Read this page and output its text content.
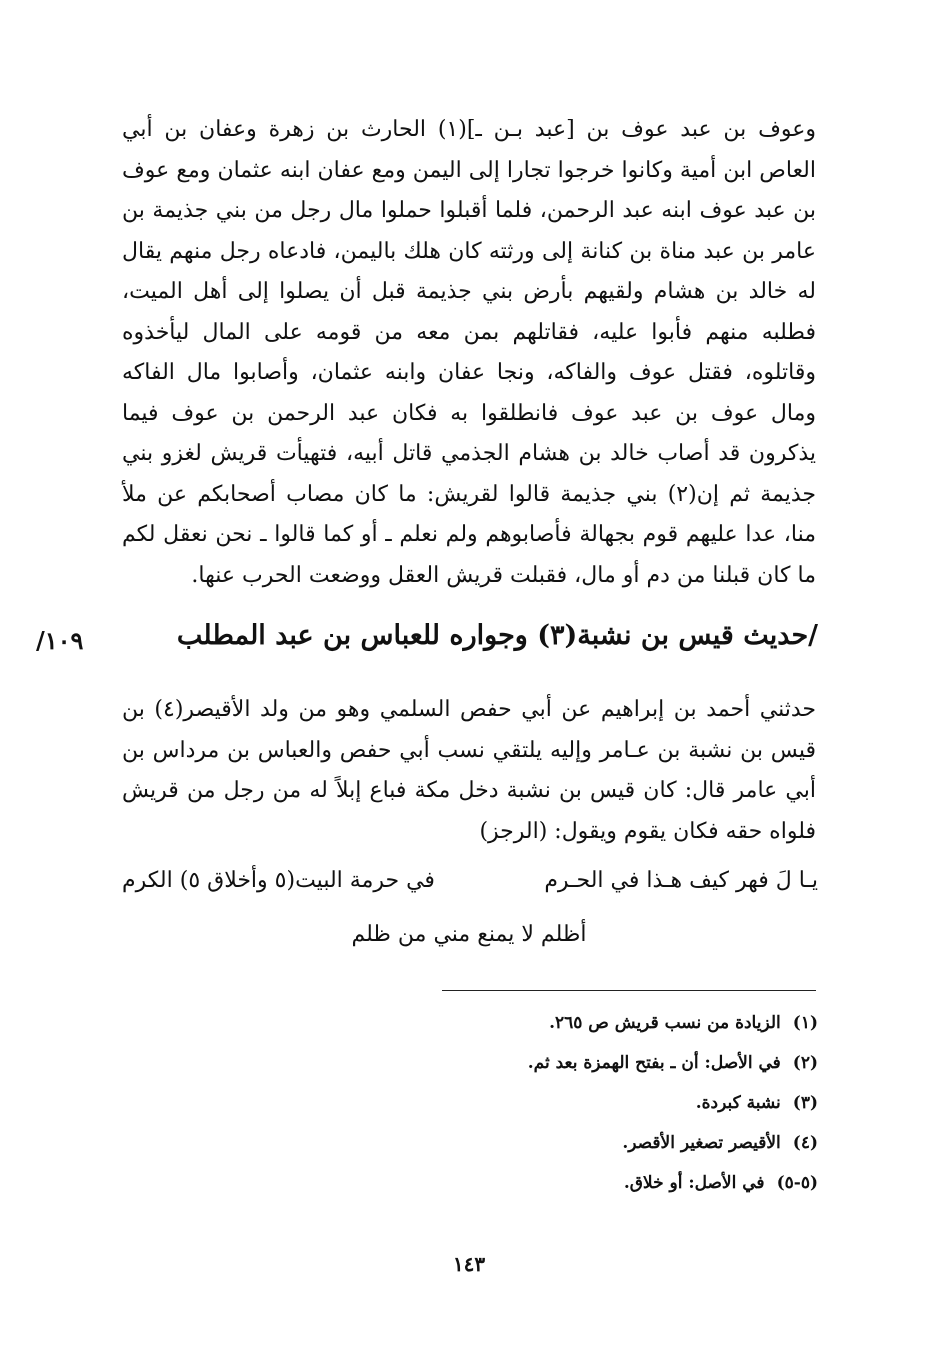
وعوف بن عبد عوف بن [عبد بـن ـ](١) الحارث بن زهرة وعفان بن أبي العاص ابن أمية وكانوا خرجوا تجارا إلى اليمن ومع عفان ابنه عثمان ومع عوف بن عبد عوف ابنه عبد الرحمن، فلما أقبلوا حملوا مال رجل من بني جذيمة بن عامر بن عبد مناة بن كنانة إلى ورثته كان هلك باليمن، فادعاه رجل منهم يقال له خالد بن هشام ولقيهم بأرض بني جذيمة قبل أن يصلوا إلى أهل الميت، فطلبه منهم فأبوا عليه، فقاتلهم بمن معه من قومه على المال ليأخذوه وقاتلوه، فقتل عوف والفاكه، ونجا عفان وابنه عثمان، وأصابوا مال الفاكه ومال عوف بن عبد عوف فانطلقوا به فكان عبد الرحمن بن عوف فيما يذكرون قد أصاب خالد بن هشام الجذمي قاتل أبيه، فتهيأت قريش لغزو بني جذيمة ثم إن(٢) بني جذيمة قالوا لقريش: ما كان مصاب أصحابكم عن ملأ منا، عدا عليهم قوم بجهالة فأصابوهم ولم نعلم ـ أو كما قالوا ـ نحن نعقل لكم ما كان قبلنا من دم أو مال، فقبلت قريش العقل ووضعت الحرب عنها.

/حديث قيس بن نشبة(٣) وجواره للعباس بن عبد المطلب
١٠٩/

حدثني أحمد بن إبراهيم عن أبي حفص السلمي وهو من ولد الأقيصر(٤) بن قيس بن نشبة بن عـامر وإليه يلتقي نسب أبي حفص والعباس بن مرداس بن أبي عامر قال: كان قيس بن نشبة دخل مكة فباع إبلاً له من رجل من قريش فلواه حقه فكان يقوم ويقول: (الرجز)

يـا لَ فهر كيف هـذا في الحـرم
في حرمة البيت(٥ وأخلاق ٥) الكرم
أظلم لا يمنع مني من ظلم
(١)الزيادة من نسب قريش ص ٢٦٥.
(٢)في الأصل: أن ـ بفتح الهمزة بعد ثم.
(٣)نشبة كبردة.
(٤)الأقيصر تصغير الأقصر.
(٥-٥)في الأصل: أو خلاق.
١٤٣
